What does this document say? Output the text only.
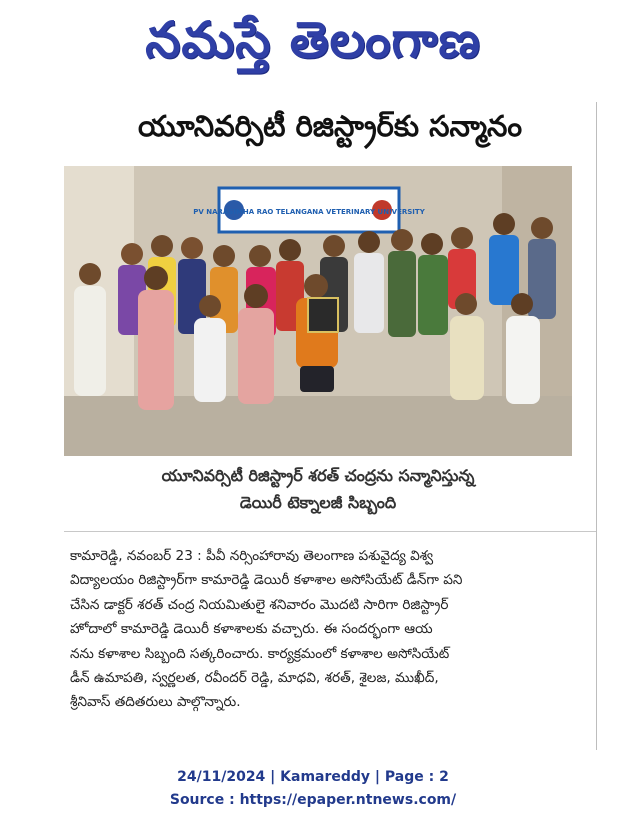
నమస్తే తెలంగాణ
యూనివర్సిటీ రిజిస్ట్రార్‌కు సన్మానం
PV NARASIMHA RAO TELANGANA VETERINARY UNIVERSITY
యూనివర్సిటీ రిజిస్ట్రార్ శరత్ చంద్రను సన్మానిస్తున్న
డెయిరీ టెక్నాలజీ సిబ్బంది
కామారెడ్డి, నవంబర్ 23 : పీవీ నర్సింహారావు తెలంగాణ పశువైద్య విశ్వ
విద్యాలయం రిజిస్ట్రార్‌గా కామారెడ్డి డెయిరీ కళాశాల అసోసియేట్ డీన్‌గా పని
చేసిన డాక్టర్ శరత్ చంద్ర నియమితులై శనివారం మొదటి సారిగా రిజిస్ట్రార్
హోదాలో కామారెడ్డి డెయిరీ కళాశాలకు వచ్చారు. ఈ సందర్భంగా ఆయ
నను కళాశాల సిబ్బంది సత్కరించారు. కార్యక్రమంలో కళాశాల అసోసియేట్
డీన్ ఉమాపతి, స్వర్ణలత, రవీందర్ రెడ్డి, మాధవి, శరత్, శైలజ, ముఖీద్,
శ్రీనివాస్ తదితరులు పాల్గొన్నారు.
24/11/2024 | Kamareddy | Page : 2
Source : https://epaper.ntnews.com/
